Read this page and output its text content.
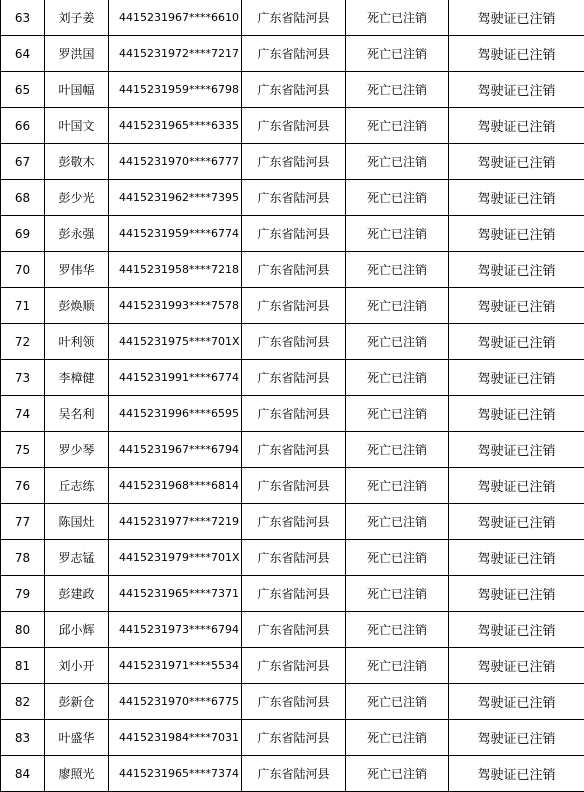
63	刘子姜	4415231967****6610	广东省陆河县	死亡已注销	驾驶证已注销
64	罗洪国	4415231972****7217	广东省陆河县	死亡已注销	驾驶证已注销
65	叶国幅	4415231959****6798	广东省陆河县	死亡已注销	驾驶证已注销
66	叶国文	4415231965****6335	广东省陆河县	死亡已注销	驾驶证已注销
67	彭敬木	4415231970****6777	广东省陆河县	死亡已注销	驾驶证已注销
68	彭少光	4415231962****7395	广东省陆河县	死亡已注销	驾驶证已注销
69	彭永强	4415231959****6774	广东省陆河县	死亡已注销	驾驶证已注销
70	罗伟华	4415231958****7218	广东省陆河县	死亡已注销	驾驶证已注销
71	彭焕顺	4415231993****7578	广东省陆河县	死亡已注销	驾驶证已注销
72	叶利领	4415231975****701X	广东省陆河县	死亡已注销	驾驶证已注销
73	李樟健	4415231991****6774	广东省陆河县	死亡已注销	驾驶证已注销
74	吴名利	4415231996****6595	广东省陆河县	死亡已注销	驾驶证已注销
75	罗少琴	4415231967****6794	广东省陆河县	死亡已注销	驾驶证已注销
76	丘志练	4415231968****6814	广东省陆河县	死亡已注销	驾驶证已注销
77	陈国灶	4415231977****7219	广东省陆河县	死亡已注销	驾驶证已注销
78	罗志锰	4415231979****701X	广东省陆河县	死亡已注销	驾驶证已注销
79	彭建政	4415231965****7371	广东省陆河县	死亡已注销	驾驶证已注销
80	邱小辉	4415231973****6794	广东省陆河县	死亡已注销	驾驶证已注销
81	刘小开	4415231971****5534	广东省陆河县	死亡已注销	驾驶证已注销
82	彭新仓	4415231970****6775	广东省陆河县	死亡已注销	驾驶证已注销
83	叶盛华	4415231984****7031	广东省陆河县	死亡已注销	驾驶证已注销
84	廖照光	4415231965****7374	广东省陆河县	死亡已注销	驾驶证已注销
